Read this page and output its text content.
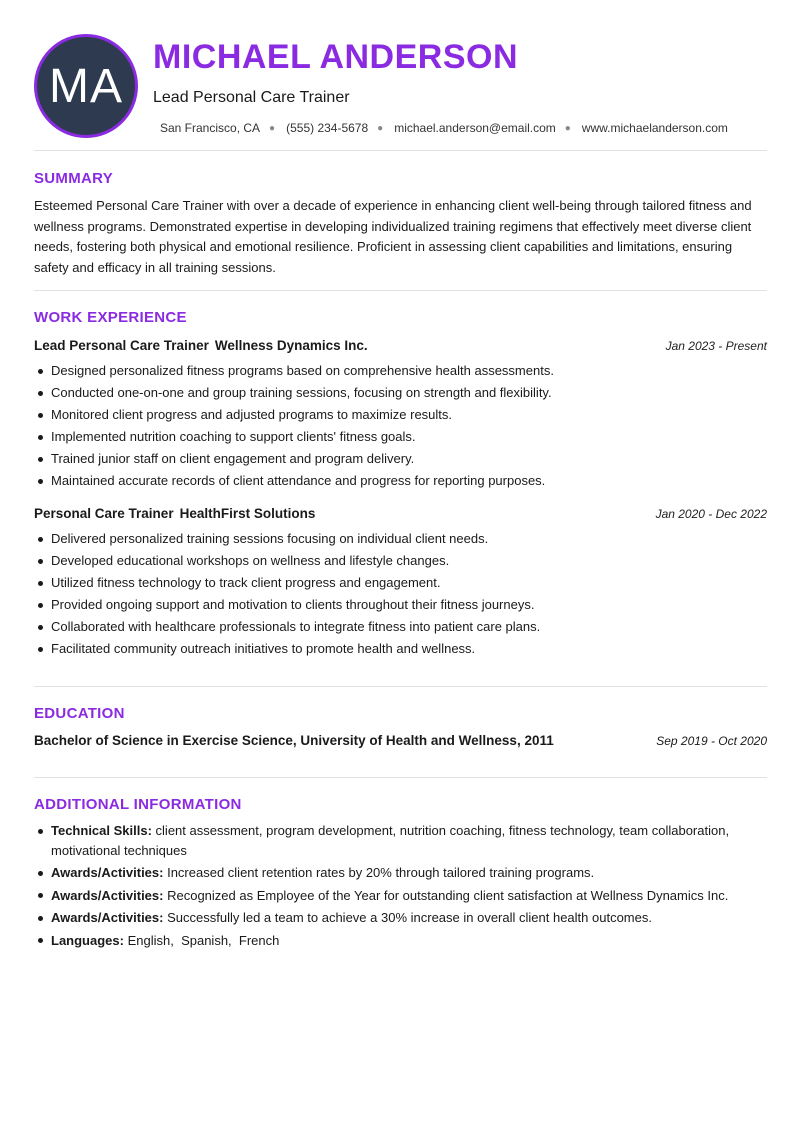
MA
MICHAEL ANDERSON
Lead Personal Care Trainer
San Francisco, CA ● (555) 234-5678 ● michael.anderson@email.com ● www.michaelanderson.com
SUMMARY
Esteemed Personal Care Trainer with over a decade of experience in enhancing client well-being through tailored fitness and wellness programs. Demonstrated expertise in developing individualized training regimens that effectively meet diverse client needs, fostering both physical and emotional resilience. Proficient in assessing client capabilities and limitations, ensuring safety and efficacy in all training sessions.
WORK EXPERIENCE
Lead Personal Care Trainer Wellness Dynamics Inc.	Jan 2023 - Present
Designed personalized fitness programs based on comprehensive health assessments.
Conducted one-on-one and group training sessions, focusing on strength and flexibility.
Monitored client progress and adjusted programs to maximize results.
Implemented nutrition coaching to support clients' fitness goals.
Trained junior staff on client engagement and program delivery.
Maintained accurate records of client attendance and progress for reporting purposes.
Personal Care Trainer HealthFirst Solutions	Jan 2020 - Dec 2022
Delivered personalized training sessions focusing on individual client needs.
Developed educational workshops on wellness and lifestyle changes.
Utilized fitness technology to track client progress and engagement.
Provided ongoing support and motivation to clients throughout their fitness journeys.
Collaborated with healthcare professionals to integrate fitness into patient care plans.
Facilitated community outreach initiatives to promote health and wellness.
EDUCATION
Bachelor of Science in Exercise Science, University of Health and Wellness, 2011	Sep 2019 - Oct 2020
ADDITIONAL INFORMATION
Technical Skills: client assessment, program development, nutrition coaching, fitness technology, team collaboration, motivational techniques
Awards/Activities: Increased client retention rates by 20% through tailored training programs.
Awards/Activities: Recognized as Employee of the Year for outstanding client satisfaction at Wellness Dynamics Inc.
Awards/Activities: Successfully led a team to achieve a 30% increase in overall client health outcomes.
Languages: English,  Spanish,  French
